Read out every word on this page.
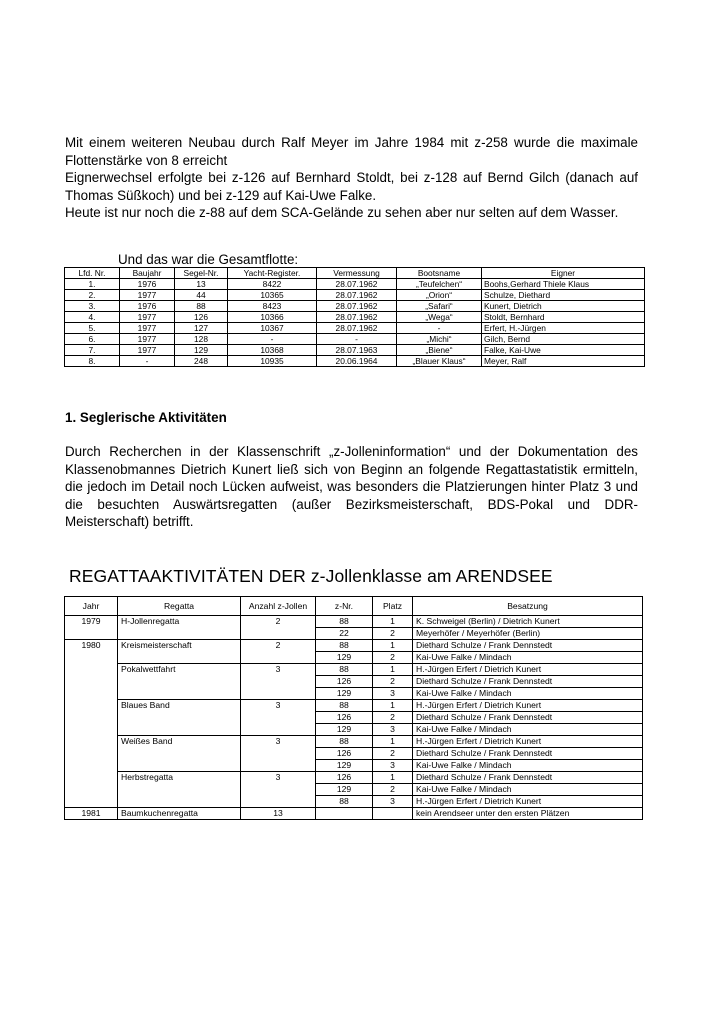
Mit einem weiteren Neubau durch Ralf Meyer im Jahre 1984 mit z-258 wurde die maximale Flottenstärke von 8 erreicht

Eignerwechsel erfolgte bei z-126 auf Bernhard Stoldt, bei z-128 auf Bernd Gilch (danach auf Thomas Süßkoch) und bei z-129 auf Kai-Uwe Falke.

Heute ist nur noch die z-88 auf dem SCA-Gelände zu sehen aber nur selten auf dem Wasser.

Und das war die Gesamtflotte:
Lfd. Nr.	Baujahr	Segel-Nr.	Yacht-Register.	Vermessung	Bootsname	Eigner
1.	1976	13	8422	28.07.1962	„Teufelchen“	Boohs,Gerhard Thiele Klaus
2.	1977	44	10365	28.07.1962	„Orion“	Schulze, Diethard
3.	1976	88	8423	28.07.1962	„Safari“	Kunert, Dietrich
4.	1977	126	10366	28.07.1962	„Wega“	Stoldt, Bernhard
5.	1977	127	10367	28.07.1962	-	Erfert, H.-Jürgen
6.	1977	128	-	-	„Michi“	Gilch, Bernd
7.	1977	129	10368	28.07.1963	„Biene“	Falke, Kai-Uwe
8.	-	248	10935	20.06.1964	„Blauer Klaus“	Meyer, Ralf
1. Seglerische Aktivitäten

Durch Recherchen in der Klassenschrift „z-Jolleninformation“ und der Dokumentation des Klassenobmannes Dietrich Kunert ließ sich von Beginn an folgende Regattastatistik ermitteln, die jedoch im Detail noch Lücken aufweist, was besonders die Platzierungen hinter Platz 3 und die besuchten Auswärtsregatten (außer Bezirksmeisterschaft, BDS-Pokal und DDR-Meisterschaft) betrifft.

REGATTAAKTIVITÄTEN DER z-Jollenklasse am ARENDSEE
Jahr	Regatta	Anzahl z-Jollen	z-Nr.	Platz	Besatzung
1979	H-Jollenregatta	2	88	1	K. Schweigel (Berlin) / Dietrich Kunert
			22	2	Meyerhöfer / Meyerhöfer (Berlin)
1980	Kreismeisterschaft	2	88	1	Diethard Schulze / Frank Dennstedt
			129	2	Kai-Uwe Falke / Mindach
	Pokalwettfahrt	3	88	1	H.-Jürgen Erfert / Dietrich Kunert
			126	2	Diethard Schulze / Frank Dennstedt
			129	3	Kai-Uwe Falke / Mindach
	Blaues Band	3	88	1	H.-Jürgen Erfert / Dietrich Kunert
			126	2	Diethard Schulze / Frank Dennstedt
			129	3	Kai-Uwe Falke / Mindach
	Weißes Band	3	88	1	H.-Jürgen Erfert / Dietrich Kunert
			126	2	Diethard Schulze / Frank Dennstedt
			129	3	Kai-Uwe Falke / Mindach
	Herbstregatta	3	126	1	Diethard Schulze / Frank Dennstedt
			129	2	Kai-Uwe Falke / Mindach
			88	3	H.-Jürgen Erfert / Dietrich Kunert
1981	Baumkuchenregatta	13			kein Arendseer unter den ersten Plätzen
